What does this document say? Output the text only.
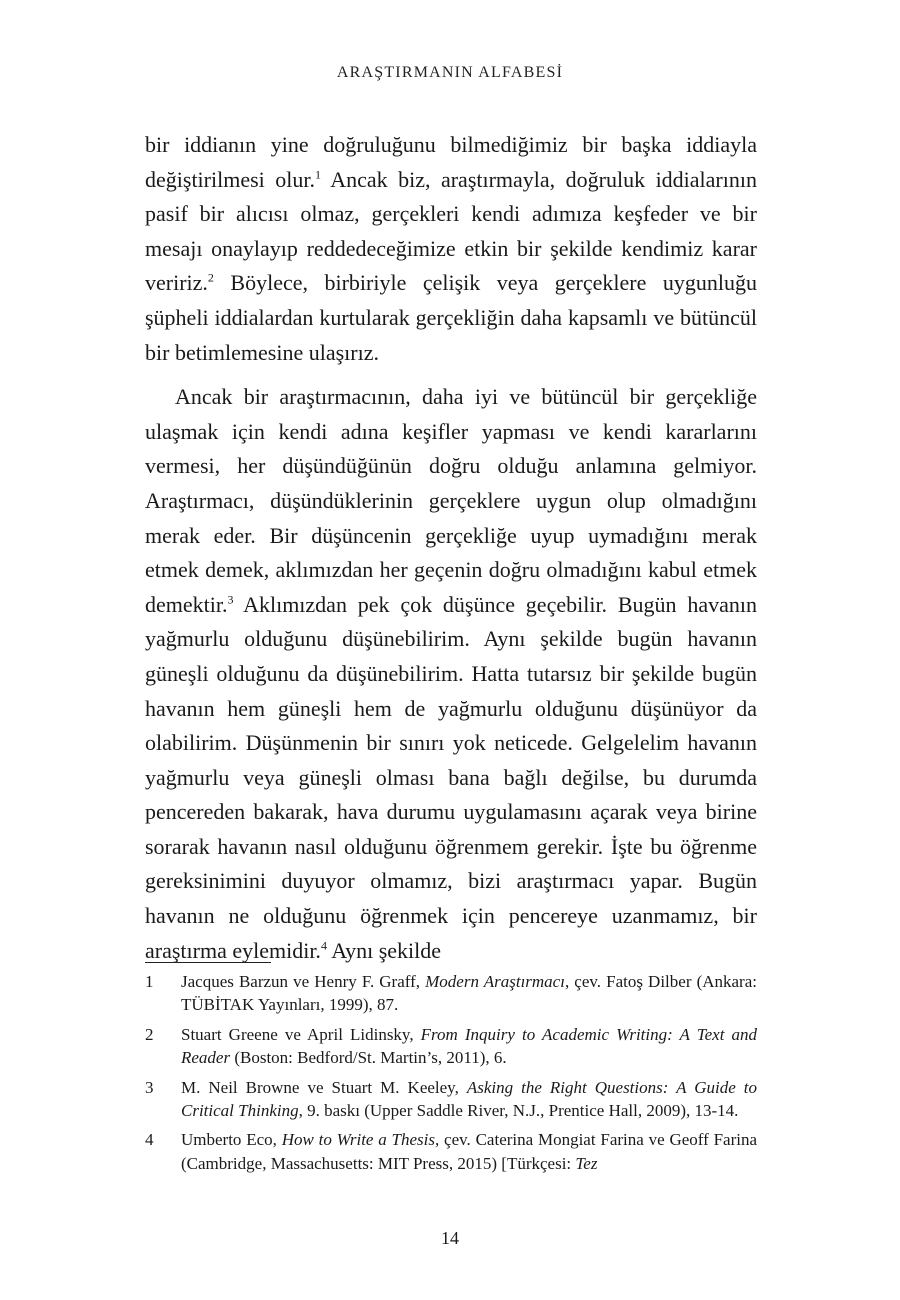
ARAŞTIRMANIN ALFABESİ

bir iddianın yine doğruluğunu bilmediğimiz bir başka iddiayla değiştirilmesi olur.$^1$ Ancak biz, araştırmayla, doğruluk iddialarının pasif bir alıcısı olmaz, gerçekleri kendi adımıza keşfeder ve bir mesajı onaylayıp reddedeceğimize etkin bir şekilde kendimiz karar veririz.$^2$ Böylece, birbiriyle çelişik veya gerçeklere uygunluğu şüpheli iddialardan kurtularak gerçekliğin daha kapsamlı ve bütüncül bir betimlemesine ulaşırız.

Ancak bir araştırmacının, daha iyi ve bütüncül bir gerçekliğe ulaşmak için kendi adına keşifler yapması ve kendi kararlarını vermesi, her düşündüğünün doğru olduğu anlamına gelmiyor. Araştırmacı, düşündüklerinin gerçeklere uygun olup olmadığını merak eder. Bir düşüncenin gerçekliğe uyup uymadığını merak etmek demek, aklımızdan her geçenin doğru olmadığını kabul etmek demektir.$^3$ Aklımızdan pek çok düşünce geçebilir. Bugün havanın yağmurlu olduğunu düşünebilirim. Aynı şekilde bugün havanın güneşli olduğunu da düşünebilirim. Hatta tutarsız bir şekilde bugün havanın hem güneşli hem de yağmurlu olduğunu düşünüyor da olabilirim. Düşünmenin bir sınırı yok neticede. Gelgelelim havanın yağmurlu veya güneşli olması bana bağlı değilse, bu durumda pencereden bakarak, hava durumu uygulamasını açarak veya birine sorarak havanın nasıl olduğunu öğrenmem gerekir. İşte bu öğrenme gereksinimini duyuyor olmamız, bizi araştırmacı yapar. Bugün havanın ne olduğunu öğrenmek için pencereye uzanmamız, bir araştırma eylemidir.$^4$ Aynı şekilde

1	Jacques Barzun ve Henry F. Graff, Modern Araştırmacı, çev. Fatoş Dilber (Ankara: TÜBİTAK Yayınları, 1999), 87.
2	Stuart Greene ve April Lidinsky, From Inquiry to Academic Writing: A Text and Reader (Boston: Bedford/St. Martin’s, 2011), 6.
3	M. Neil Browne ve Stuart M. Keeley, Asking the Right Questions: A Guide to Critical Thinking, 9. baskı (Upper Saddle River, N.J., Prentice Hall, 2009), 13-14.
4	Umberto Eco, How to Write a Thesis, çev. Caterina Mongiat Farina ve Geoff Farina (Cambridge, Massachusetts: MIT Press, 2015) [Türkçesi: Tez
14
